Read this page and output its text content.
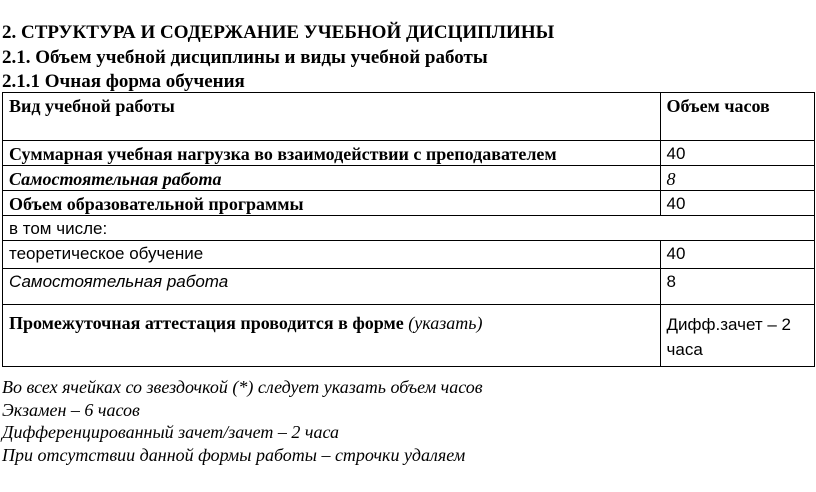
2. СТРУКТУРА И СОДЕРЖАНИЕ УЧЕБНОЙ ДИСЦИПЛИНЫ
2.1. Объем учебной дисциплины и виды учебной работы
2.1.1 Очная форма обучения
Вид учебной работы	Объем часов
Суммарная учебная нагрузка во взаимодействии с преподавателем	40
Самостоятельная работа	8
Объем образовательной программы	40
в том числе:	
теоретическое обучение	40
Самостоятельная работа	8
Промежуточная аттестация проводится в форме (указать)	Дифф.зачет – 2 часа
Во всех ячейках со звездочкой (*) следует указать объем часов
Экзамен – 6 часов
Дифференцированный зачет/зачет – 2 часа
При отсутствии данной формы работы – строчки удаляем
